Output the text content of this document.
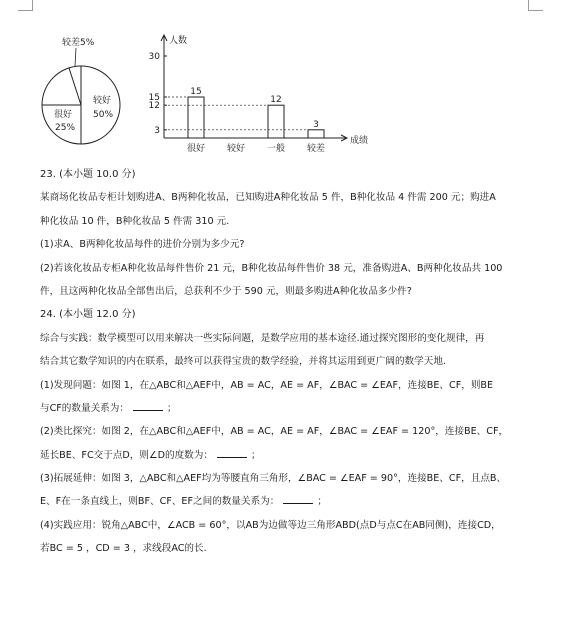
较差5%
较好
50%
很好
25%
人数
成绩
3
12
15
30
15
很好 较好
12
一般
3
较差
23. (本小题 10.0 分)
某商场化妆品专柜计划购进A、B两种化妆品，已知购进A种化妆品 5 件，B种化妆品 4 件需 200 元；购进A
种化妆品 10 件，B种化妆品 5 件需 310 元.
(1)求A、B两种化妆品每件的进价分别为多少元?
(2)若该化妆品专柜A种化妆品每件售价 21 元，B种化妆品每件售价 38 元，准备购进A、B两种化妆品共 100
件，且这两种化妆品全部售出后，总获利不少于 590 元，则最多购进A种化妆品多少件?
24. (本小题 12.0 分)
综合与实践：数学模型可以用来解决一些实际问题，是数学应用的基本途径.通过探究图形的变化规律，再
结合其它数学知识的内在联系，最终可以获得宝贵的数学经验，并将其运用到更广阔的数学天地.
(1)发现问题：如图 1，在△ABC和△AEF中，AB = AC，AE = AF，∠BAC = ∠EAF，连接BE、CF，则BE
与CF的数量关系为：	；
(2)类比探究：如图 2，在△ABC和△AEF中，AB = AC，AE = AF，∠BAC = ∠EAF = 120°，连接BE、CF，
延长BE、FC交于点D，则∠D的度数为：	；
(3)拓展延伸：如图 3，△ABC和△AEF均为等腰直角三角形，∠BAC = ∠EAF = 90°，连接BE、CF，且点B、
E、F在一条直线上，则BF、CF、EF之间的数量关系为：	；
(4)实践应用：锐角△ABC中，∠ACB = 60°，以AB为边做等边三角形ABD(点D与点C在AB同侧)，连接CD，
若BC = 5 ，CD = 3 ，求线段AC的长.
